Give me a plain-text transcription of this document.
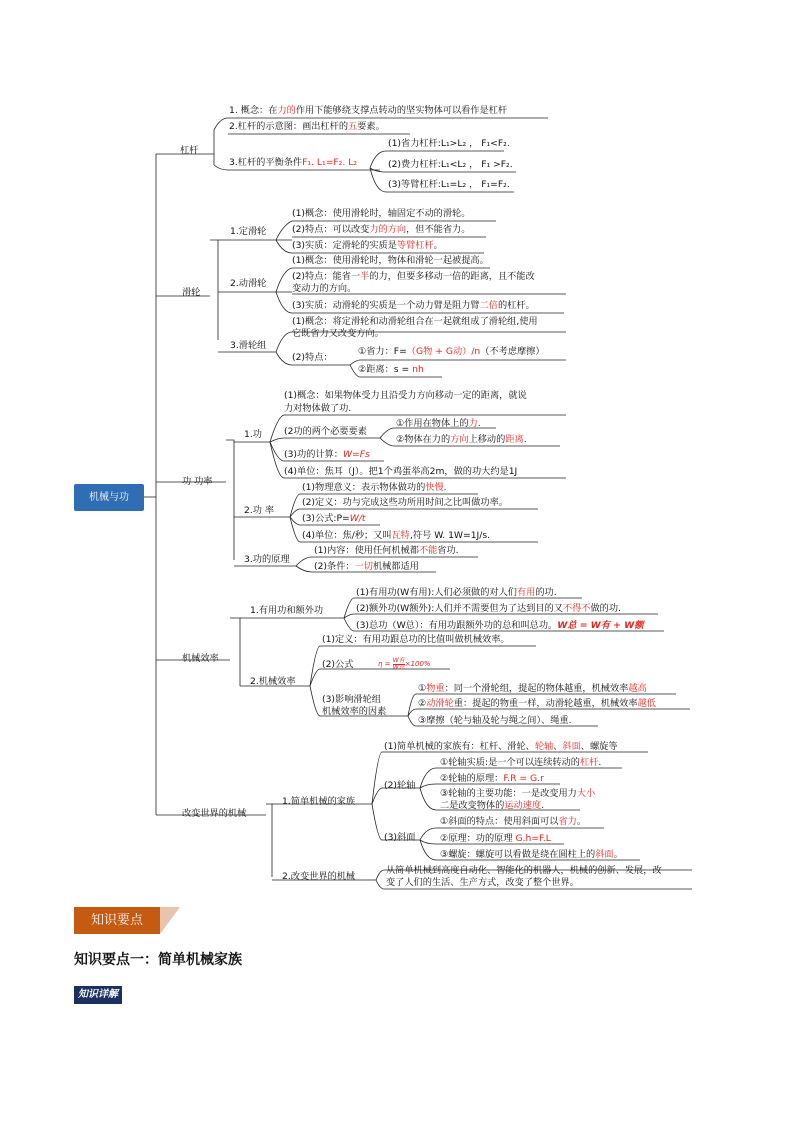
机械与功
杠杆
1. 概念：在力的作用下能够绕支撑点转动的坚实物体可以看作是杠杆
2.杠杆的示意图：画出杠杆的五要素。
3.杠杆的平衡条件F₁. L₁=F₂. L₂
(1)省力杠杆:L₁>L₂ ， F₁<F₂.
(2)费力杠杆:L₁<L₂ ， F₁ >F₂.
(3)等臂杠杆:L₁=L₂ ， F₁=F₂.
滑轮
1.定滑轮
(1)概念：使用滑轮时，轴固定不动的滑轮。
(2)特点：可以改变力的方向，但不能省力。
(3)实质：定滑轮的实质是等臂杠杆。
2.动滑轮
(1)概念：使用滑轮时，物体和滑轮一起被提高。
(2)特点：能省一半的力，但要多移动一倍的距离，且不能改
变动力的方向。
(3)实质：动滑轮的实质是一个动力臂是阻力臂二倍的杠杆。
3.滑轮组
(1)概念：将定滑轮和动滑轮组合在一起就组成了滑轮组,使用
它既省力又改变方向。
(2)特点：
①省力：F=（G物 + G动）/n（不考虑摩擦）
②距离：s = nh
功 功率
1.功
(1)概念：如果物体受力且沿受力方向移动一定的距离，就说
力对物体做了功.
(2功的两个必要要素
①作用在物体上的力.
②物体在力的方向上移动的距离.
(3)功的计算：W=Fs
(4)单位：焦耳（J）。把1个鸡蛋举高2m，做的功大约是1J
2.功 率
(1)物理意义：表示物体做功的快慢.
(2)定义：功与完成这些功所用时间之比叫做功率。
(3)公式:P=W/t
(4)单位：焦/秒；又叫瓦特,符号 W. 1W=1J/s.
3.功的原理
(1)内容：使用任何机械都不能省功.
(2)条件：一切机械都适用
机械效率
1.有用功和额外功
(1)有用功(W有用):人们必须做的对人们有用的功.
(2)额外功(W额外):人们并不需要但为了达到目的又不得不做的功.
(3)总功（W总）：有用功跟额外功的总和叫总功。W总 = W有 + W额
2.机械效率
(1)定义：有用功跟总功的比值叫做机械效率。
(2)公式	$\eta = \frac{\text{W有}}{\text{W总}} \times 100\%$
(3)影响滑轮组
机械效率的因素
①物重：同一个滑轮组，提起的物体越重，机械效率越高
②动滑轮重：提起的物重一样，动滑轮越重，机械效率越低
③摩擦（轮与轴及轮与绳之间）、绳重.
改变世界的机械
1.简单机械的家族
(1)简单机械的家族有：杠杆、滑轮、轮轴、斜面、螺旋等
(2)轮轴
①轮轴实质:是一个可以连续转动的杠杆.
②轮轴的原理：F.R = G.r
③轮轴的主要功能：一是改变用力大小
二是改变物体的运动速度.
(3)斜面
①斜面的特点：使用斜面可以省力。
②原理：功的原理 G.h=F.L
③螺旋：螺旋可以看做是绕在圆柱上的斜面。
2.改变世界的机械
从简单机械到高度自动化、智能化的机器人，机械的创新、发展，改
变了人们的生活、生产方式，改变了整个世界。
知识要点
知识要点一：简单机械家族
知识详解
